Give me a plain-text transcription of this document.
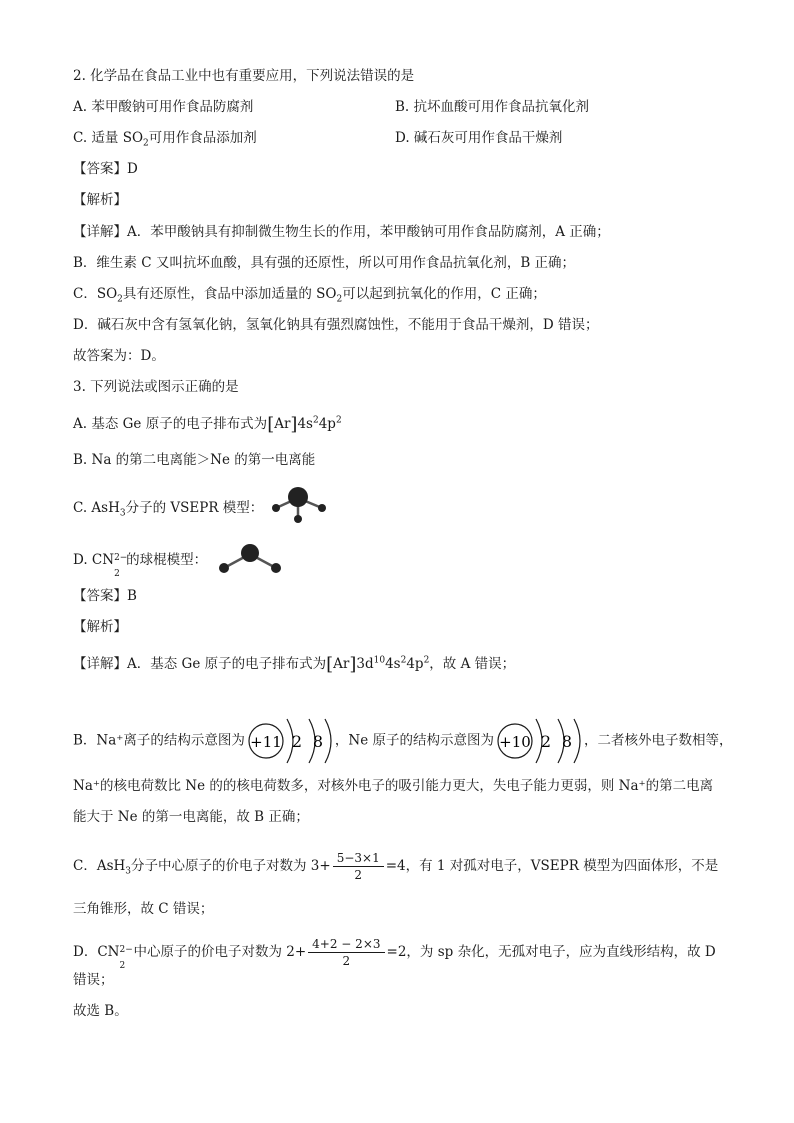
2. 化学品在食品工业中也有重要应用，下列说法错误的是
A. 苯甲酸钠可用作食品防腐剂	B. 抗坏血酸可用作食品抗氧化剂
C. 适量 $SO_2$可用作食品添加剂	D. 碱石灰可用作食品干燥剂
【答案】D
【解析】
【详解】A．苯甲酸钠具有抑制微生物生长的作用，苯甲酸钠可用作食品防腐剂，A 正确；
B．维生素 C 又叫抗坏血酸，具有强的还原性，所以可用作食品抗氧化剂，B 正确；
C．$SO_2$具有还原性，食品中添加适量的 $SO_2$可以起到抗氧化的作用，C 正确；
D．碱石灰中含有氢氧化钠，氢氧化钠具有强烈腐蚀性，不能用于食品干燥剂，D 错误；
故答案为：D。
3. 下列说法或图示正确的是
A. 基态 Ge 原子的电子排布式为$[Ar]4s^24p^2$
B. Na 的第二电离能＞Ne 的第一电离能
C. AsH$_3$分子的 VSEPR 模型：
D. CN 2−
2
的球棍模型：
【答案】B
【解析】
【详解】A．基态 Ge 原子的电子排布式为$[Ar]3d^{10}4s^24p^2$，故 A 错误；
B．Na⁺离子的结构示意图为 +11 2 8 ，Ne 原子的结构示意图为 +10 2 8 ，二者核外电子数相等，
Na⁺的核电荷数比 Ne 的的核电荷数多，对核外电子的吸引能力更大，失电子能力更弱，则 Na⁺的第二电离
能大于 Ne 的第一电离能，故 B 正确；
C．AsH$_3$分子中心原子的价电子对数为 $3+ \frac{5-3\times 1}{2} =4$，有 1 对孤对电子，VSEPR 模型为四面体形，不是
三角锥形，故 C 错误；
D．CN 2−
2
中心原子的价电子对数为 $2+ \frac{4+2 - 2\times 3}{2} =2$，为 sp 杂化，无孤对电子，应为直线形结构，故 D
错误；
故选 B。
